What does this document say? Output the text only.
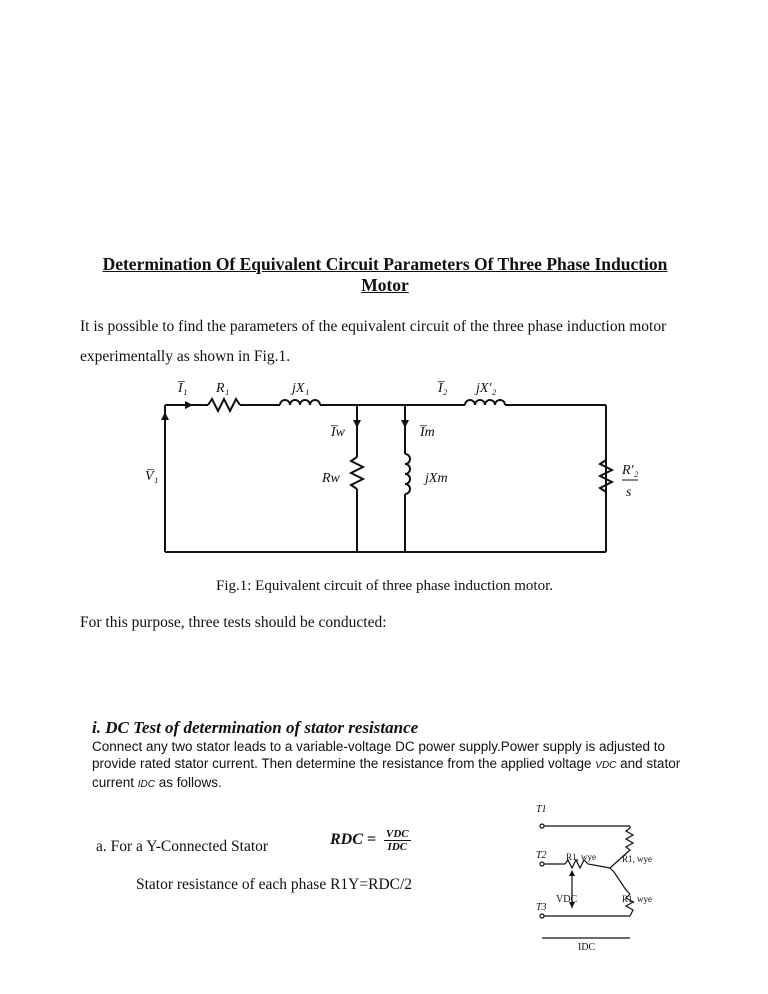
Determination Of Equivalent Circuit Parameters Of Three Phase Induction
Motor
It is possible to find the parameters of the equivalent circuit of the three phase induction motor
experimentally as shown in Fig.1.
I̅₁ R₁	jX₁	I̅₂ jX′₂
I̅w	I̅m
V̅₁	Rw	jXm
R′₂
s
Fig.1: Equivalent circuit of three phase induction motor.
For this purpose, three tests should be conducted:
i. DC Test of determination of stator resistance
Connect any two stator leads to a variable-voltage DC power supply.Power supply is adjusted to provide rated stator current. Then determine the resistance from the applied voltage VDC and stator current IDC as follows.
a. For a Y-Connected Stator	RDC = VDC
IDC
Stator resistance of each phase R1Y=RDC/2
T1
T2
T3
R1, wye	R1, wye
R1, wye
VDC
IDC
